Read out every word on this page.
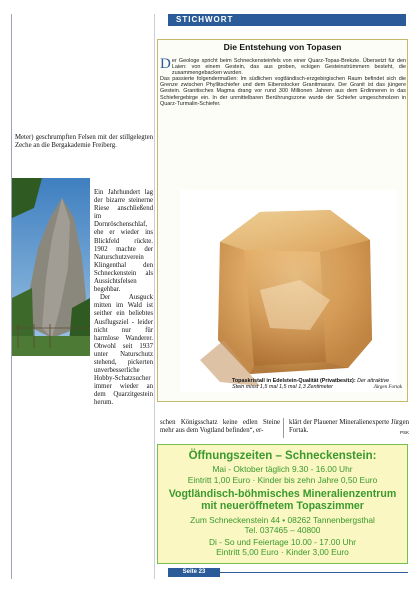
STICHWORT
Die Entstehung von Topasen

Der Geologe spricht beim Schneckensteinfels von einer Quarz-Topas-Brekzie. Übersetzt für den Laien: von einem Gestein, das aus groben, eckigen Gesteinstrümmern besteht, die zusammengebacken wurden.

Das passierte folgendermaßen: Im südlichen vogtländisch-erzgebirgischen Raum befindet sich die Grenze zwischen Phyllitschiefer und dem Eibenstocker Granitmassiv. Der Granit ist das jüngere Gestein. Granitisches Magma drang vor rund 300 Millionen Jahren aus dem Erdinneren in das Schiefergebirge ein. In der unmittelbaren Berührungszone wurde der Schiefer umgeschmolzen in Quarz-Turmalin-Schiefer.

Topaskristall in Edelstein-Qualität (Privatbesitz): Der attraktive Stein misst 1,5 mal 1,5 mal 1,3 Zentimeter	Jürgen Fortak
Meter) geschrumpften Felsen mit der stillgelegten Zeche an die Bergakademie Freiberg.
Ein Jahrhundert lag der bizarre steinerne Riese anschließend im Dornröschenschlaf, ehe er wieder ins Blickfeld rückte. 1902 machte der Naturschutzverein Klingenthal den Schneckenstein als Aussichtsfelsen begehbar.
Der Ausguck mitten im Wald ist seither ein beliebtes Ausflugsziel - leider nicht nur für harmlose Wanderer. Obwohl seit 1937 unter Naturschutz stehend, pickerten unverbesserliche Hobby-Schatzsucher immer wieder an dem Quarzitgestein herum.
schen Königsschatz keine edlen Steine mehr aus dem Vogtland befinden“, er-
klärt der Plauener Mineralienexperte Jürgen Fortak.	PSK
Öffnungszeiten – Schneckenstein:
Mai - Oktober täglich 9.30 - 16.00 Uhr
Eintritt 1,00 Euro · Kinder bis zehn Jahre 0,50 Euro
Vogtländisch-böhmisches Mineralienzentrum
mit neueröffnetem Topaszimmer
Zum Schneckenstein 44 • 08262 Tannenbergsthal
Tel. 037465 – 40800
Di - So und Feiertage 10.00 - 17.00 Uhr
Eintritt 5,00 Euro · Kinder 3,00 Euro
Seite 23
